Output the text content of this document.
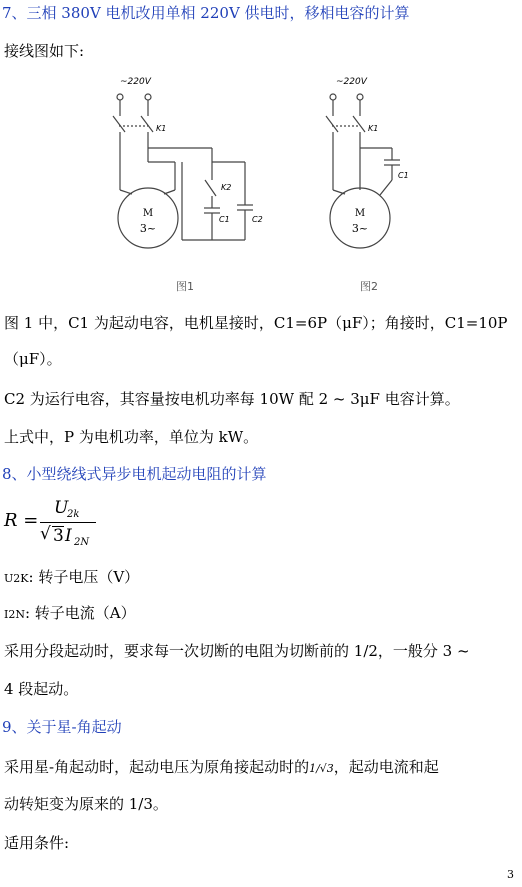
7、三相 380V 电机改用单相 220V 供电时，移相电容的计算
接线图如下:
~220V
K1
K2
C1	C2
M
3~
图1
~220V
K1
C1
M
3~
图2
图 1 中，C1 为起动电容，电机星接时，C1=6P（μF）；角接时，C1=10P
（μF）。
C2 为运行电容，其容量按电机功率每 10W 配 2 ~ 3μF 电容计算。
上式中，P 为电机功率，单位为 kW。
8、小型绕线式异步电机起动电阻的计算
R =
U
2k
√ 3 I 2N
U2K: 转子电压（V）
I2N: 转子电流（A）
采用分段起动时，要求每一次切断的电阻为切断前的 1/2，一般分 3 ~
4 段起动。
9、关于星-角起动
采用星-角起动时，起动电压为原角接起动时的1/√3，起动电流和起
动转矩变为原来的 1/3。
适用条件:
3
